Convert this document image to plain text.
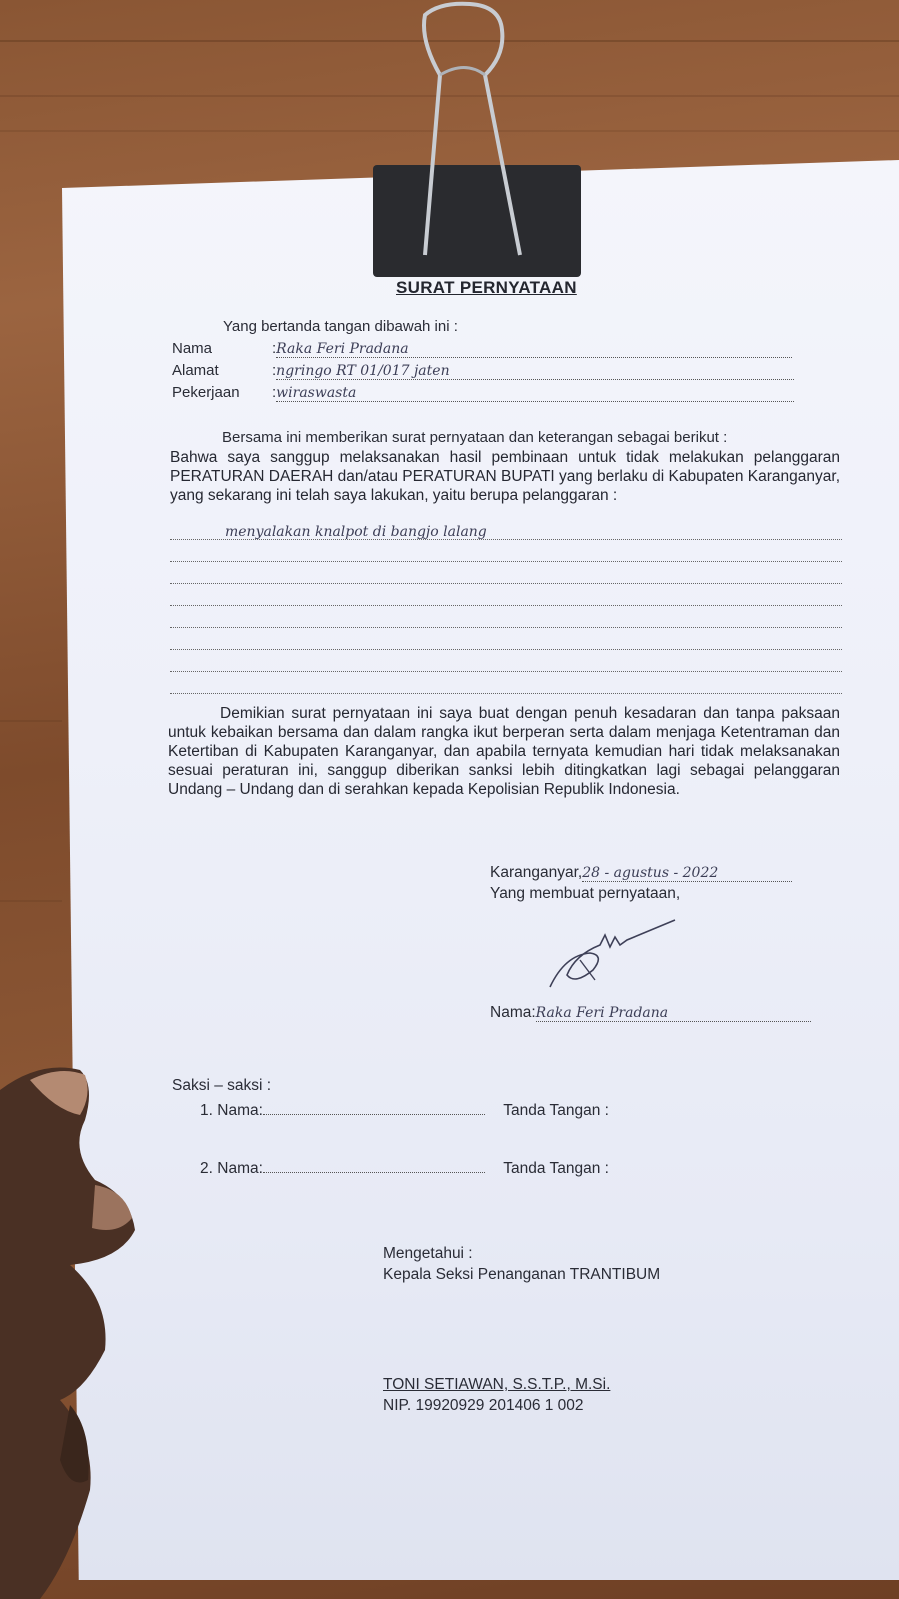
SURAT PERNYATAAN
Yang bertanda tangan dibawah ini :
Nama	:Raka Feri Pradana
Alamat	:ngringo RT 01/017 jaten
Pekerjaan :wiraswasta
Bersama ini memberikan surat pernyataan dan keterangan sebagai berikut :
Bahwa saya sanggup melaksanakan hasil pembinaan untuk tidak melakukan pelanggaran PERATURAN DAERAH dan/atau PERATURAN BUPATI yang berlaku di Kabupaten Karanganyar, yang sekarang ini telah saya lakukan, yaitu berupa pelanggaran :
menyalakan knalpot di bangjo lalang
Demikian surat pernyataan ini saya buat dengan penuh kesadaran dan tanpa paksaan untuk kebaikan bersama dan dalam rangka ikut berperan serta dalam menjaga Ketentraman dan Ketertiban di Kabupaten Karanganyar, dan apabila ternyata kemudian hari tidak melaksanakan sesuai peraturan ini, sanggup diberikan sanksi lebih ditingkatkan lagi sebagai pelanggaran Undang – Undang dan di serahkan kepada Kepolisian Republik Indonesia.
Karanganyar,28 - agustus - 2022
Yang membuat pernyataan,
Nama:Raka Feri Pradana
Saksi – saksi :
1. Nama:	Tanda Tangan :
2. Nama:	Tanda Tangan :
Mengetahui :
Kepala Seksi Penanganan TRANTIBUM
TONI SETIAWAN, S.S.T.P., M.Si.
NIP. 19920929 201406 1 002
